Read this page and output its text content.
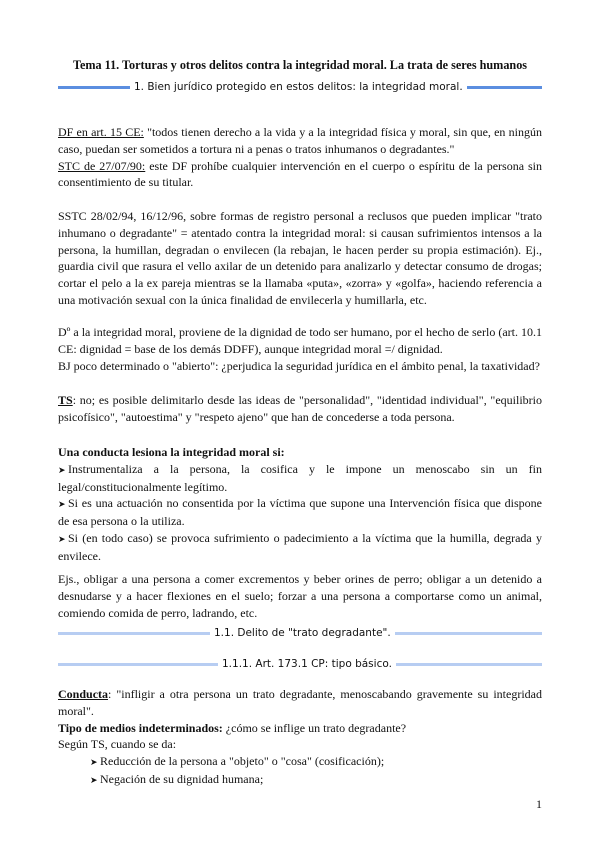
Tema 11. Torturas y otros delitos contra la integridad moral. La trata de seres humanos
1. Bien jurídico protegido en estos delitos: la integridad moral.
DF en art. 15 CE: "todos tienen derecho a la vida y a la integridad física y moral, sin que, en ningún caso, puedan ser sometidos a tortura ni a penas o tratos inhumanos o degradantes."
STC de 27/07/90: este DF prohíbe cualquier intervención en el cuerpo o espíritu de la persona sin consentimiento de su titular.
SSTC 28/02/94, 16/12/96, sobre formas de registro personal a reclusos que pueden implicar "trato inhumano o degradante" = atentado contra la integridad moral: si causan sufrimientos intensos a la persona, la humillan, degradan o envilecen (la rebajan, le hacen perder su propia estimación). Ej., guardia civil que rasura el vello axilar de un detenido para analizarlo y detectar consumo de drogas; cortar el pelo a la ex pareja mientras se la llamaba «puta», «zorra» y «golfa», haciendo referencia a una motivación sexual con la única finalidad de envilecerla y humillarla, etc.
Dº a la integridad moral, proviene de la dignidad de todo ser humano, por el hecho de serlo (art. 10.1 CE: dignidad = base de los demás DDFF), aunque integridad moral =/ dignidad.
BJ poco determinado o "abierto": ¿perjudica la seguridad jurídica en el ámbito penal, la taxatividad?
TS: no; es posible delimitarlo desde las ideas de "personalidad", "identidad individual", "equilibrio psicofísico", "autoestima" y "respeto ajeno" que han de concederse a toda persona.
Una conducta lesiona la integridad moral si:
➤ Instrumentaliza a la persona, la cosifica y le impone un menoscabo sin un fin legal/constitucionalmente legítimo.
➤ Si es una actuación no consentida por la víctima que supone una Intervención física que dispone de esa persona o la utiliza.
➤ Si (en todo caso) se provoca sufrimiento o padecimiento a la víctima que la humilla, degrada y envilece.
Ejs., obligar a una persona a comer excrementos y beber orines de perro; obligar a un detenido a desnudarse y a hacer flexiones en el suelo; forzar a una persona a comportarse como un animal, comiendo comida de perro, ladrando, etc.
1.1. Delito de "trato degradante".
1.1.1. Art. 173.1 CP: tipo básico.
Conducta: "infligir a otra persona un trato degradante, menoscabando gravemente su integridad moral".
Tipo de medios indeterminados: ¿cómo se inflige un trato degradante?
Según TS, cuando se da:
➤ Reducción de la persona a "objeto" o "cosa" (cosificación);
➤ Negación de su dignidad humana;
1
